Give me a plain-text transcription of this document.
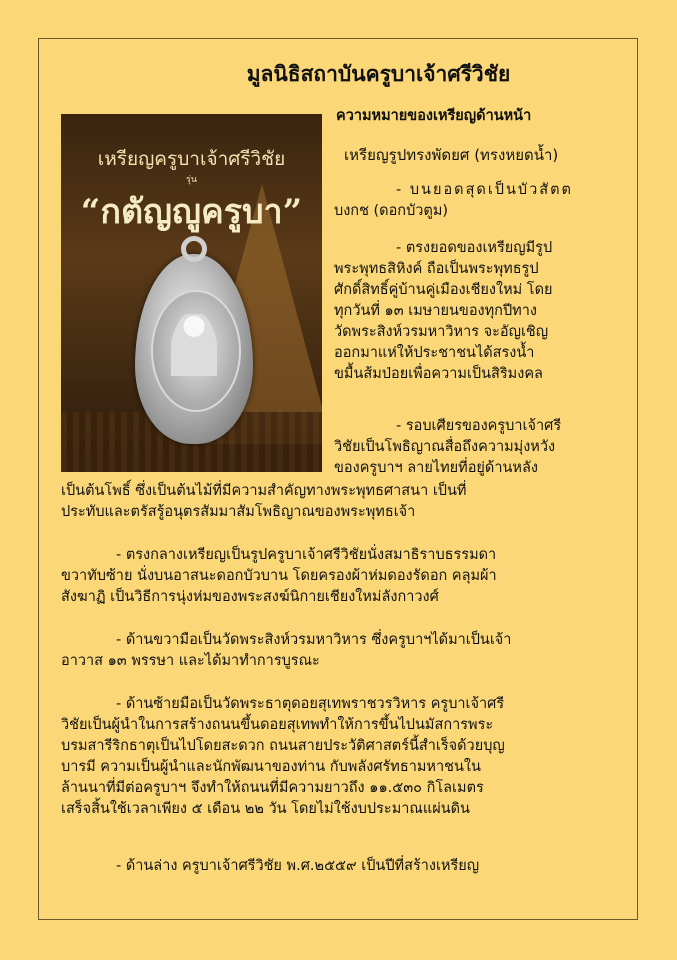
มูลนิธิสถาบันครูบาเจ้าศรีวิชัย
เหรียญครูบาเจ้าศรีวิชัย
รุ่น
“กตัญญูครูบา”

ความหมายของเหรียญด้านหน้า

เหรียญรูปทรงพัดยศ (ทรงหยดน้ำ)

- บนยอดสุดเป็นบัวสัตต

บงกช (ดอกบัวตูม)

- ตรงยอดของเหรียญมีรูป

พระพุทธสิหิงค์ ถือเป็นพระพุทธรูป

ศักดิ์สิทธิ์คู่บ้านคู่เมืองเชียงใหม่ โดย

ทุกวันที่ ๑๓ เมษายนของทุกปีทาง

วัดพระสิงห์วรมหาวิหาร จะอัญเชิญ

ออกมาแห่ให้ประชาชนได้สรงน้ำ

ขมื้นส้มป่อยเพื่อความเป็นสิริมงคล

- รอบเศียรของครูบาเจ้าศรี

วิชัยเป็นโพธิญาณสื่อถึงความมุ่งหวัง

ของครูบาฯ ลายไทยที่อยู่ด้านหลัง

เป็นต้นโพธิ์ ซึ่งเป็นต้นไม้ที่มีความสำคัญทางพระพุทธศาสนา เป็นที่

ประทับและตรัสรู้อนุตรสัมมาสัมโพธิญาณของพระพุทธเจ้า

- ตรงกลางเหรียญเป็นรูปครูบาเจ้าศรีวิชัยนั่งสมาธิราบธรรมดา

ขวาทับซ้าย นั่งบนอาสนะดอกบัวบาน โดยครองผ้าห่มดองรัดอก คลุมผ้า

สังฆาฏิ เป็นวิธีการนุ่งห่มของพระสงฆ์นิกายเชียงใหม่ลังกาวงศ์

- ด้านขวามือเป็นวัดพระสิงห์วรมหาวิหาร ซึ่งครูบาฯได้มาเป็นเจ้า

อาวาส ๑๓ พรรษา และได้มาทำการบูรณะ

- ด้านซ้ายมือเป็นวัดพระธาตุดอยสุเทพราชวรวิหาร ครูบาเจ้าศรี

วิชัยเป็นผู้นำในการสร้างถนนขึ้นดอยสุเทพทำให้การขึ้นไปนมัสการพระ

บรมสารีริกธาตุเป็นไปโดยสะดวก ถนนสายประวัติศาสตร์นี้สำเร็จด้วยบุญ

บารมี ความเป็นผู้นำและนักพัฒนาของท่าน กับพลังศรัทธามหาชนใน

ล้านนาที่มีต่อครูบาฯ จึงทำให้ถนนที่มีความยาวถึง ๑๑.๕๓๐ กิโลเมตร

เสร็จสิ้นใช้เวลาเพียง ๕ เดือน ๒๒ วัน โดยไม่ใช้งบประมาณแผ่นดิน

- ด้านล่าง ครูบาเจ้าศรีวิชัย พ.ศ.๒๕๕๙ เป็นปีที่สร้างเหรียญ
